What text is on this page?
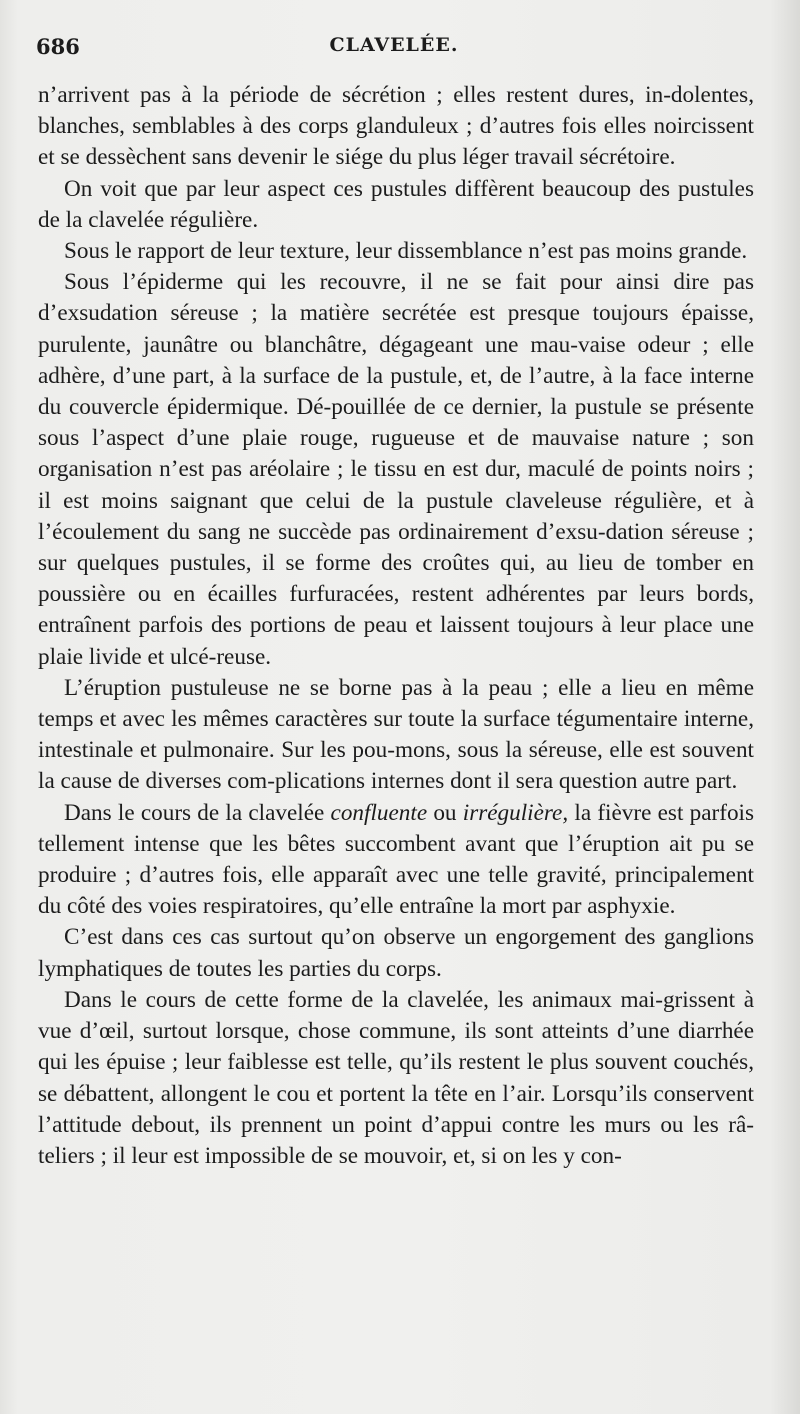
686	CLAVELÉE.

n’arrivent pas à la période de sécrétion ; elles restent dures, in-dolentes, blanches, semblables à des corps glanduleux ; d’autres fois elles noircissent et se dessèchent sans devenir le siége du plus léger travail sécrétoire.

On voit que par leur aspect ces pustules diffèrent beaucoup des pustules de la clavelée régulière.

Sous le rapport de leur texture, leur dissemblance n’est pas moins grande.

Sous l’épiderme qui les recouvre, il ne se fait pour ainsi dire pas d’exsudation séreuse ; la matière secrétée est presque toujours épaisse, purulente, jaunâtre ou blanchâtre, dégageant une mau-vaise odeur ; elle adhère, d’une part, à la surface de la pustule, et, de l’autre, à la face interne du couvercle épidermique. Dé-pouillée de ce dernier, la pustule se présente sous l’aspect d’une plaie rouge, rugueuse et de mauvaise nature ; son organisation n’est pas aréolaire ; le tissu en est dur, maculé de points noirs ; il est moins saignant que celui de la pustule claveleuse régulière, et à l’écoulement du sang ne succède pas ordinairement d’exsu-dation séreuse ; sur quelques pustules, il se forme des croûtes qui, au lieu de tomber en poussière ou en écailles furfuracées, restent adhérentes par leurs bords, entraînent parfois des portions de peau et laissent toujours à leur place une plaie livide et ulcé-reuse.

L’éruption pustuleuse ne se borne pas à la peau ; elle a lieu en même temps et avec les mêmes caractères sur toute la surface tégumentaire interne, intestinale et pulmonaire. Sur les pou-mons, sous la séreuse, elle est souvent la cause de diverses com-plications internes dont il sera question autre part.

Dans le cours de la clavelée confluente ou irrégulière, la fièvre est parfois tellement intense que les bêtes succombent avant que l’éruption ait pu se produire ; d’autres fois, elle apparaît avec une telle gravité, principalement du côté des voies respiratoires, qu’elle entraîne la mort par asphyxie.

C’est dans ces cas surtout qu’on observe un engorgement des ganglions lymphatiques de toutes les parties du corps.

Dans le cours de cette forme de la clavelée, les animaux mai-grissent à vue d’œil, surtout lorsque, chose commune, ils sont atteints d’une diarrhée qui les épuise ; leur faiblesse est telle, qu’ils restent le plus souvent couchés, se débattent, allongent le cou et portent la tête en l’air. Lorsqu’ils conservent l’attitude debout, ils prennent un point d’appui contre les murs ou les râ-teliers ; il leur est impossible de se mouvoir, et, si on les y con-
